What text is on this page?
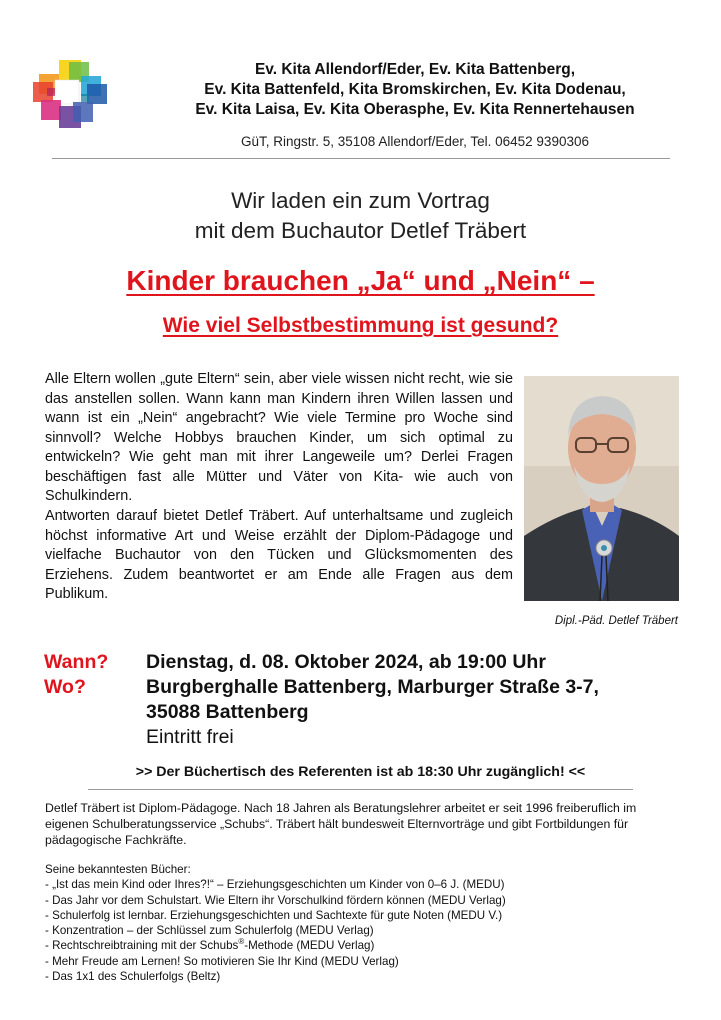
Ev. Kita Allendorf/Eder, Ev. Kita Battenberg,
Ev. Kita Battenfeld, Kita Bromskirchen, Ev. Kita Dodenau,
Ev. Kita Laisa, Ev. Kita Oberasphe, Ev. Kita Rennertehausen
GüT, Ringstr. 5, 35108 Allendorf/Eder, Tel. 06452 9390306
Wir laden ein zum Vortrag
mit dem Buchautor Detlef Träbert
Kinder brauchen „Ja“ und „Nein“ –
Wie viel Selbstbestimmung ist gesund?

Alle Eltern wollen „gute Eltern“ sein, aber viele wissen nicht recht, wie sie das anstellen sollen. Wann kann man Kindern ihren Willen lassen und wann ist ein „Nein“ angebracht? Wie viele Termine pro Woche sind sinnvoll? Welche Hobbys brauchen Kinder, um sich optimal zu entwickeln? Wie geht man mit ihrer Langeweile um? Derlei Fragen beschäftigen fast alle Mütter und Väter von Kita- wie auch von Schulkindern.

Antworten darauf bietet Detlef Träbert. Auf unterhaltsame und zugleich höchst informative Art und Weise erzählt der Diplom-Pädagoge und vielfache Buchautor von den Tücken und Glücksmomenten des Erziehens. Zudem beantwortet er am Ende alle Fragen aus dem Publikum.

Dipl.-Päd. Detlef Träbert
Wann?	Dienstag, d. 08. Oktober 2024, ab 19:00 Uhr
Wo?	Burgberghalle Battenberg, Marburger Straße 3-7,
35088 Battenberg
Eintritt frei
>> Der Büchertisch des Referenten ist ab 18:30 Uhr zugänglich! <<

Detlef Träbert ist Diplom-Pädagoge. Nach 18 Jahren als Beratungslehrer arbeitet er seit 1996 freiberuflich im eigenen Schulberatungsservice „Schubs“. Träbert hält bundesweit Elternvorträge und gibt Fortbildungen für pädagogische Fachkräfte.

Seine bekanntesten Bücher:
- „Ist das mein Kind oder Ihres?!“ – Erziehungsgeschichten um Kinder von 0–6 J. (MEDU)
- Das Jahr vor dem Schulstart. Wie Eltern ihr Vorschulkind fördern können (MEDU Verlag)
- Schulerfolg ist lernbar. Erziehungsgeschichten und Sachtexte für gute Noten (MEDU V.)
- Konzentration – der Schlüssel zum Schulerfolg (MEDU Verlag)
- Rechtschreibtraining mit der Schubs®-Methode (MEDU Verlag)
- Mehr Freude am Lernen! So motivieren Sie Ihr Kind (MEDU Verlag)
- Das 1x1 des Schulerfolgs (Beltz)
